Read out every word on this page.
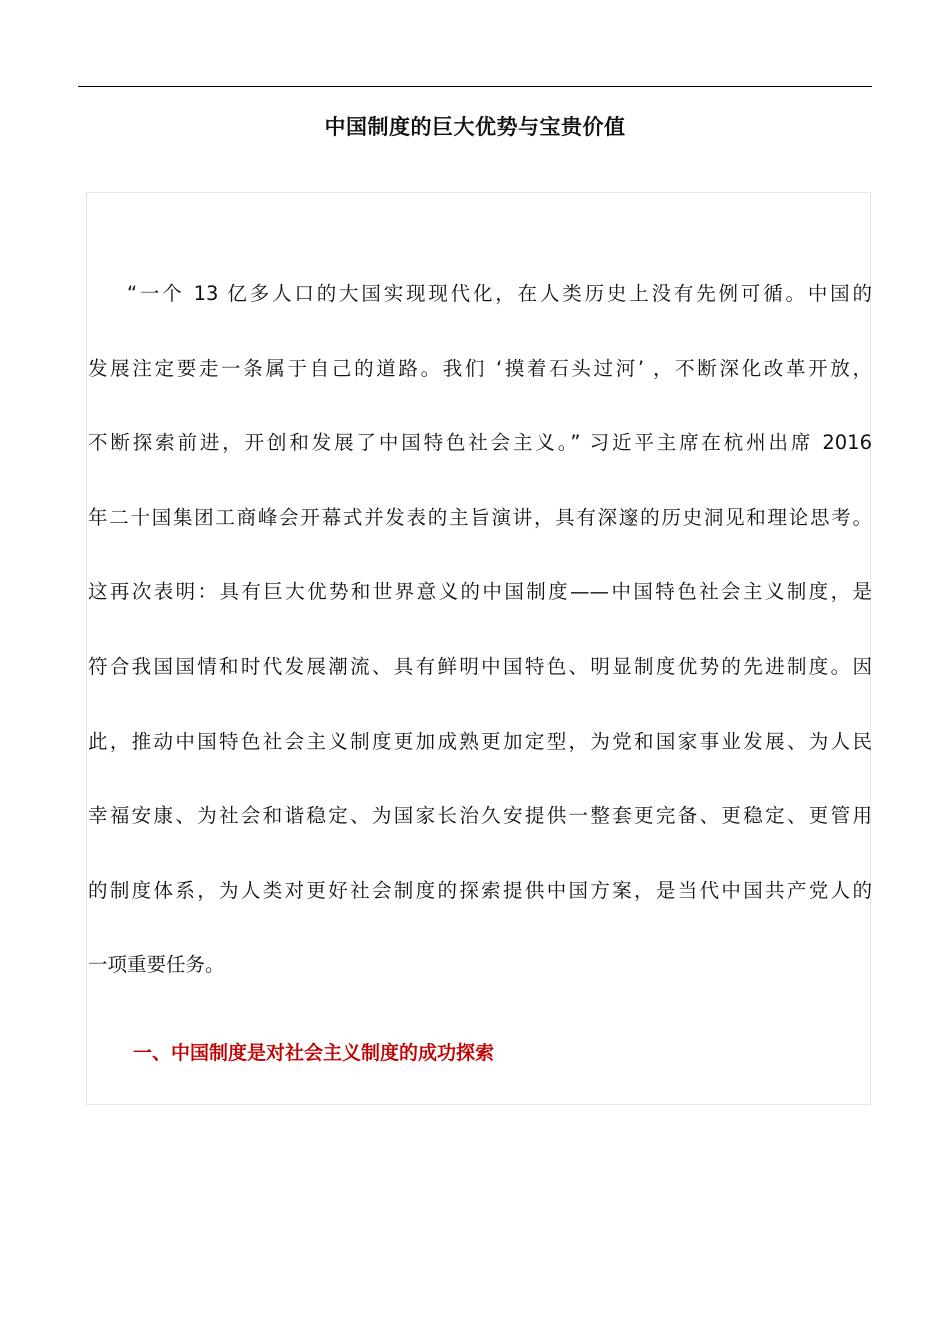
中国制度的巨大优势与宝贵价值
“一个 13 亿多人口的大国实现现代化，在人类历史上没有先例可循。中国的
发展注定要走一条属于自己的道路。我们 ‘摸着石头过河’ ，不断深化改革开放，
不断探索前进，开创和发展了中国特色社会主义。” 习近平主席在杭州出席 2016
年二十国集团工商峰会开幕式并发表的主旨演讲，具有深邃的历史洞见和理论思考。
这再次表明：具有巨大优势和世界意义的中国制度——中国特色社会主义制度，是
符合我国国情和时代发展潮流、具有鲜明中国特色、明显制度优势的先进制度。因
此，推动中国特色社会主义制度更加成熟更加定型，为党和国家事业发展、为人民
幸福安康、为社会和谐稳定、为国家长治久安提供一整套更完备、更稳定、更管用
的制度体系，为人类对更好社会制度的探索提供中国方案，是当代中国共产党人的
一项重要任务。
一、中国制度是对社会主义制度的成功探索
